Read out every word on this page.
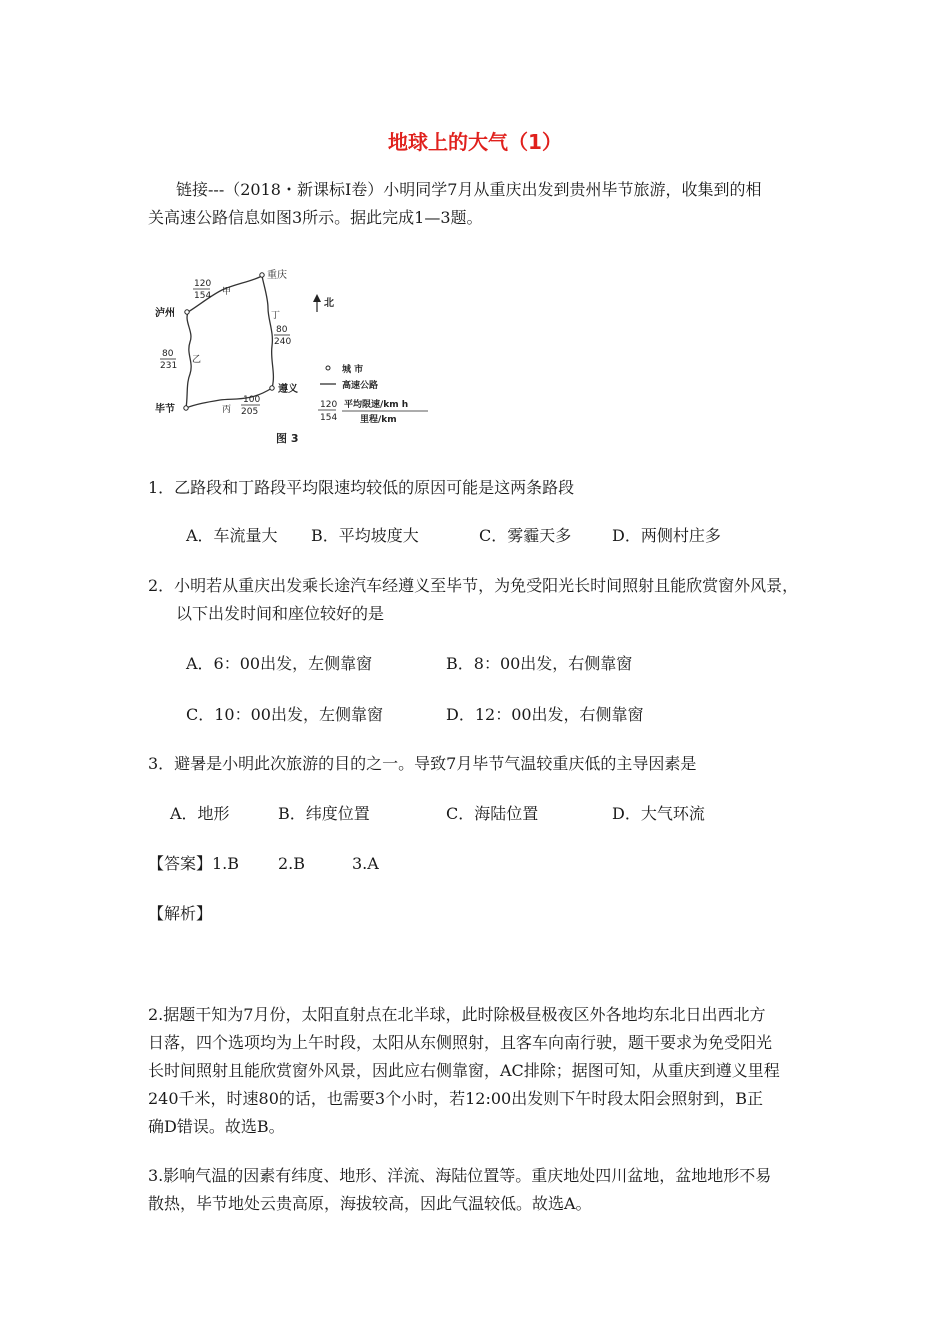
地球上的大气（1）
链接---（2018・新课标Ⅰ卷）小明同学7月从重庆出发到贵州毕节旅游，收集到的相
关高速公路信息如图3所示。据此完成1—3题。
重庆
泸州
遵义
毕节
甲
乙
丙
丁
120
154
80
240
80
231
100
205
北
城 市
高速公路
120
154
平均限速/km h
里程/km
图 3
1．乙路段和丁路段平均限速均较低的原因可能是这两条路段
A．车流量大 B．平均坡度大	C．雾霾天多	D．两侧村庄多
2．小明若从重庆出发乘长途汽车经遵义至毕节，为免受阳光长时间照射且能欣赏窗外风景，
以下出发时间和座位较好的是
A．6：00出发，左侧靠窗	B．8：00出发，右侧靠窗
C．10：00出发，左侧靠窗	D．12：00出发，右侧靠窗
3．避暑是小明此次旅游的目的之一。导致7月毕节气温较重庆低的主导因素是
A．地形	B．纬度位置	C．海陆位置	D．大气环流
【答案】 1.B 2.B	3.A
【解析】
2.据题干知为7月份，太阳直射点在北半球，此时除极昼极夜区外各地均东北日出西北方
日落，四个选项均为上午时段，太阳从东侧照射，且客车向南行驶，题干要求为免受阳光
长时间照射且能欣赏窗外风景，因此应右侧靠窗，AC排除；据图可知，从重庆到遵义里程
240千米，时速80的话，也需要3个小时，若12:00出发则下午时段太阳会照射到，B正
确D错误。故选B。
3.影响气温的因素有纬度、地形、洋流、海陆位置等。重庆地处四川盆地，盆地地形不易
散热，毕节地处云贵高原，海拔较高，因此气温较低。故选A。
